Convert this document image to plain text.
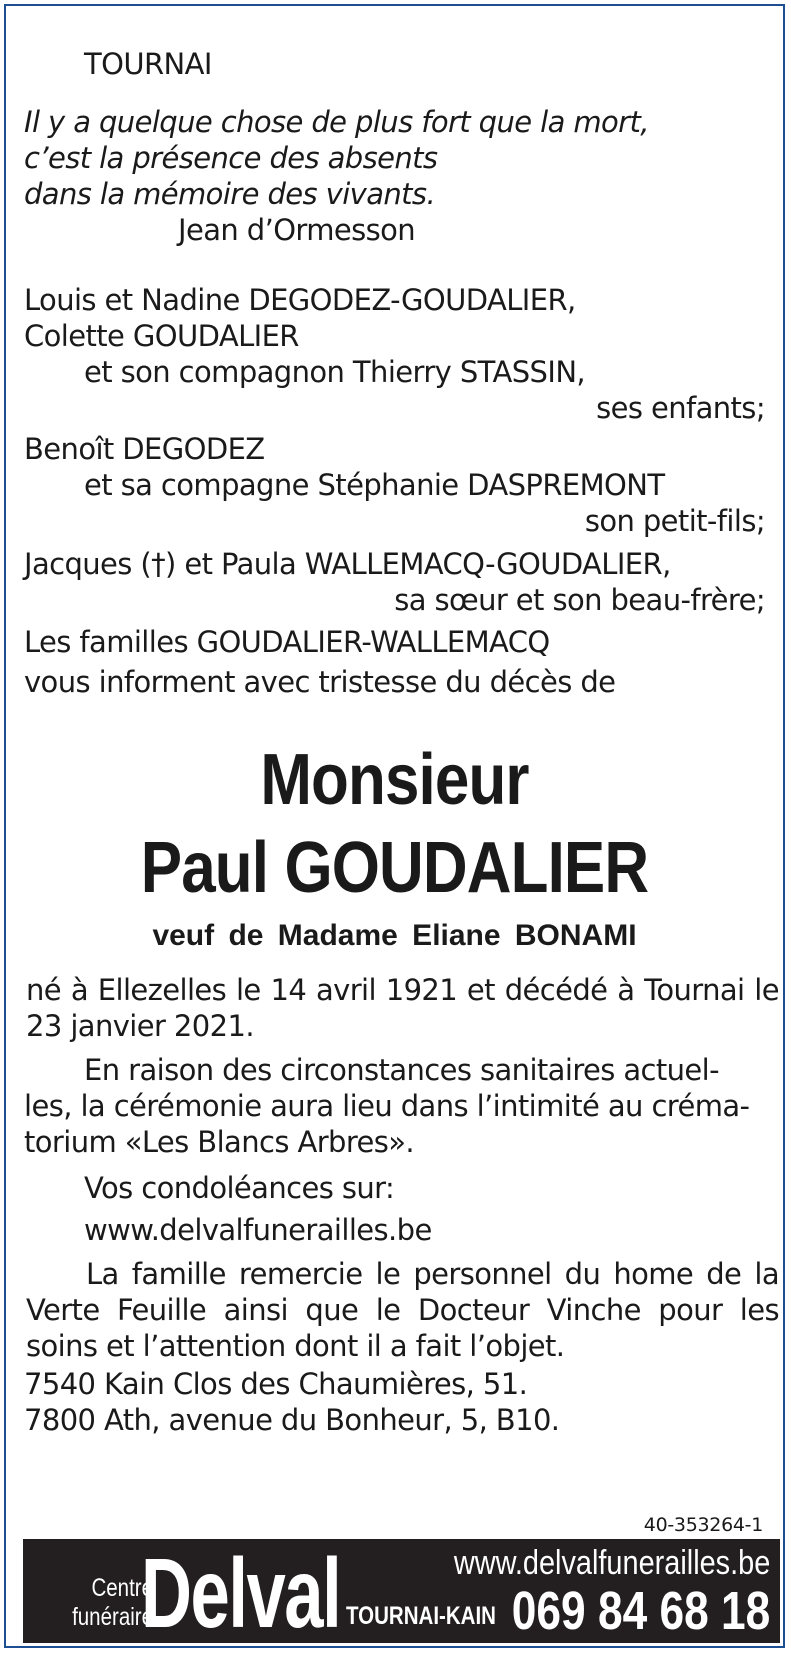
TOURNAI
Il y a quelque chose de plus fort que la mort,
c’est la présence des absents
dans la mémoire des vivants.
Jean d’Ormesson
Louis et Nadine DEGODEZ-GOUDALIER,
Colette GOUDALIER
et son compagnon Thierry STASSIN,
ses enfants;
Benoît DEGODEZ
et sa compagne Stéphanie DASPREMONT
son petit-fils;
Jacques (†) et Paula WALLEMACQ-GOUDALIER,
sa sœur et son beau-frère;
Les familles GOUDALIER-WALLEMACQ
vous informent avec tristesse du décès de
Monsieur
Paul GOUDALIER
veuf de Madame Eliane BONAMI
né à Ellezelles le 14 avril 1921 et décédé à Tournai le 23 janvier 2021.
En raison des circonstances sanitaires actuel-
les, la cérémonie aura lieu dans l’intimité au créma-
torium «Les Blancs Arbres».
Vos condoléances sur:
www.delvalfunerailles.be
La famille remercie le personnel du home de la Verte Feuille ainsi que le Docteur Vinche pour les soins et l’attention dont il a fait l’objet.
7540 Kain Clos des Chaumières, 51.
7800 Ath, avenue du Bonheur, 5, B10.
40-353264-1
Centre
funéraire
Delval	www.delvalfunerailles.be
TOURNAI-KAIN 069 84 68 18
